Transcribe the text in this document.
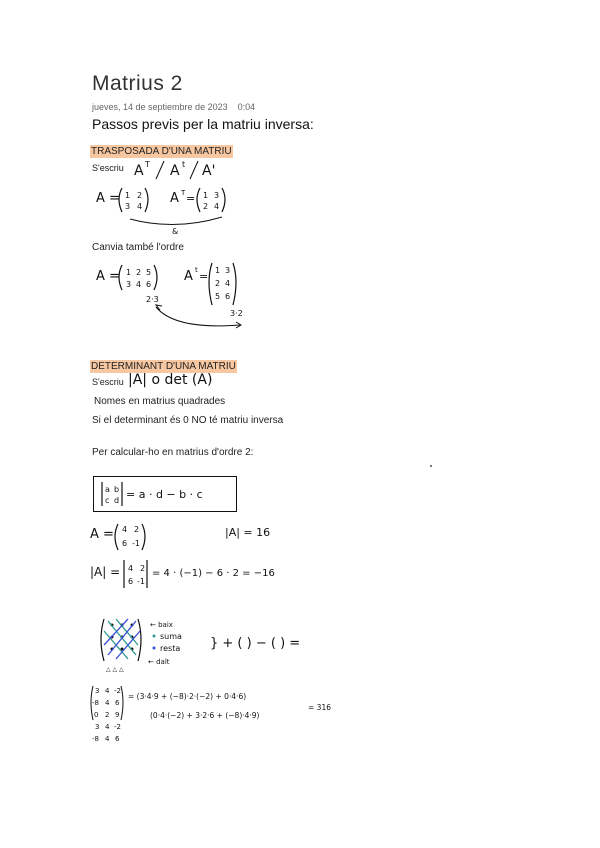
Matrius 2
jueves, 14 de septiembre de 2023 0:04
Passos previs per la matriu inversa:
TRASPOSADA D'UNA MATRIU
S'escriu A T A t A'
A = 1 2
3 4
A T = 1 3
2 4
&
A = 1 2 5
3 4 6
2·3
A t = 1 3
2 4
5 6
3·2
Canvia també l'ordre
DETERMINANT D'UNA MATRIU
S'escriu |A| o det (A)
Nomes en matrius quadrades
Si el determinant és 0 NO té matriu inversa
Per calcular-ho en matrius d'ordre 2:
a b
c d = a · d − b · c
A = 4 2
6 -1
|A| = 16
|A| = 4 2
6 -1
= 4 · (−1) − 6 · 2 = −16
△ △ △
← baix
suma
resta
← dalt
} + ( ) − ( ) =
3 4 -2
-8 4 6
0 2 9
3 4 -2
-8 4 6
= (3·4·9 + (−8)·2·(−2) + 0·4·6)
(0·4·(−2) + 3·2·6 + (−8)·4·9)
= 316
